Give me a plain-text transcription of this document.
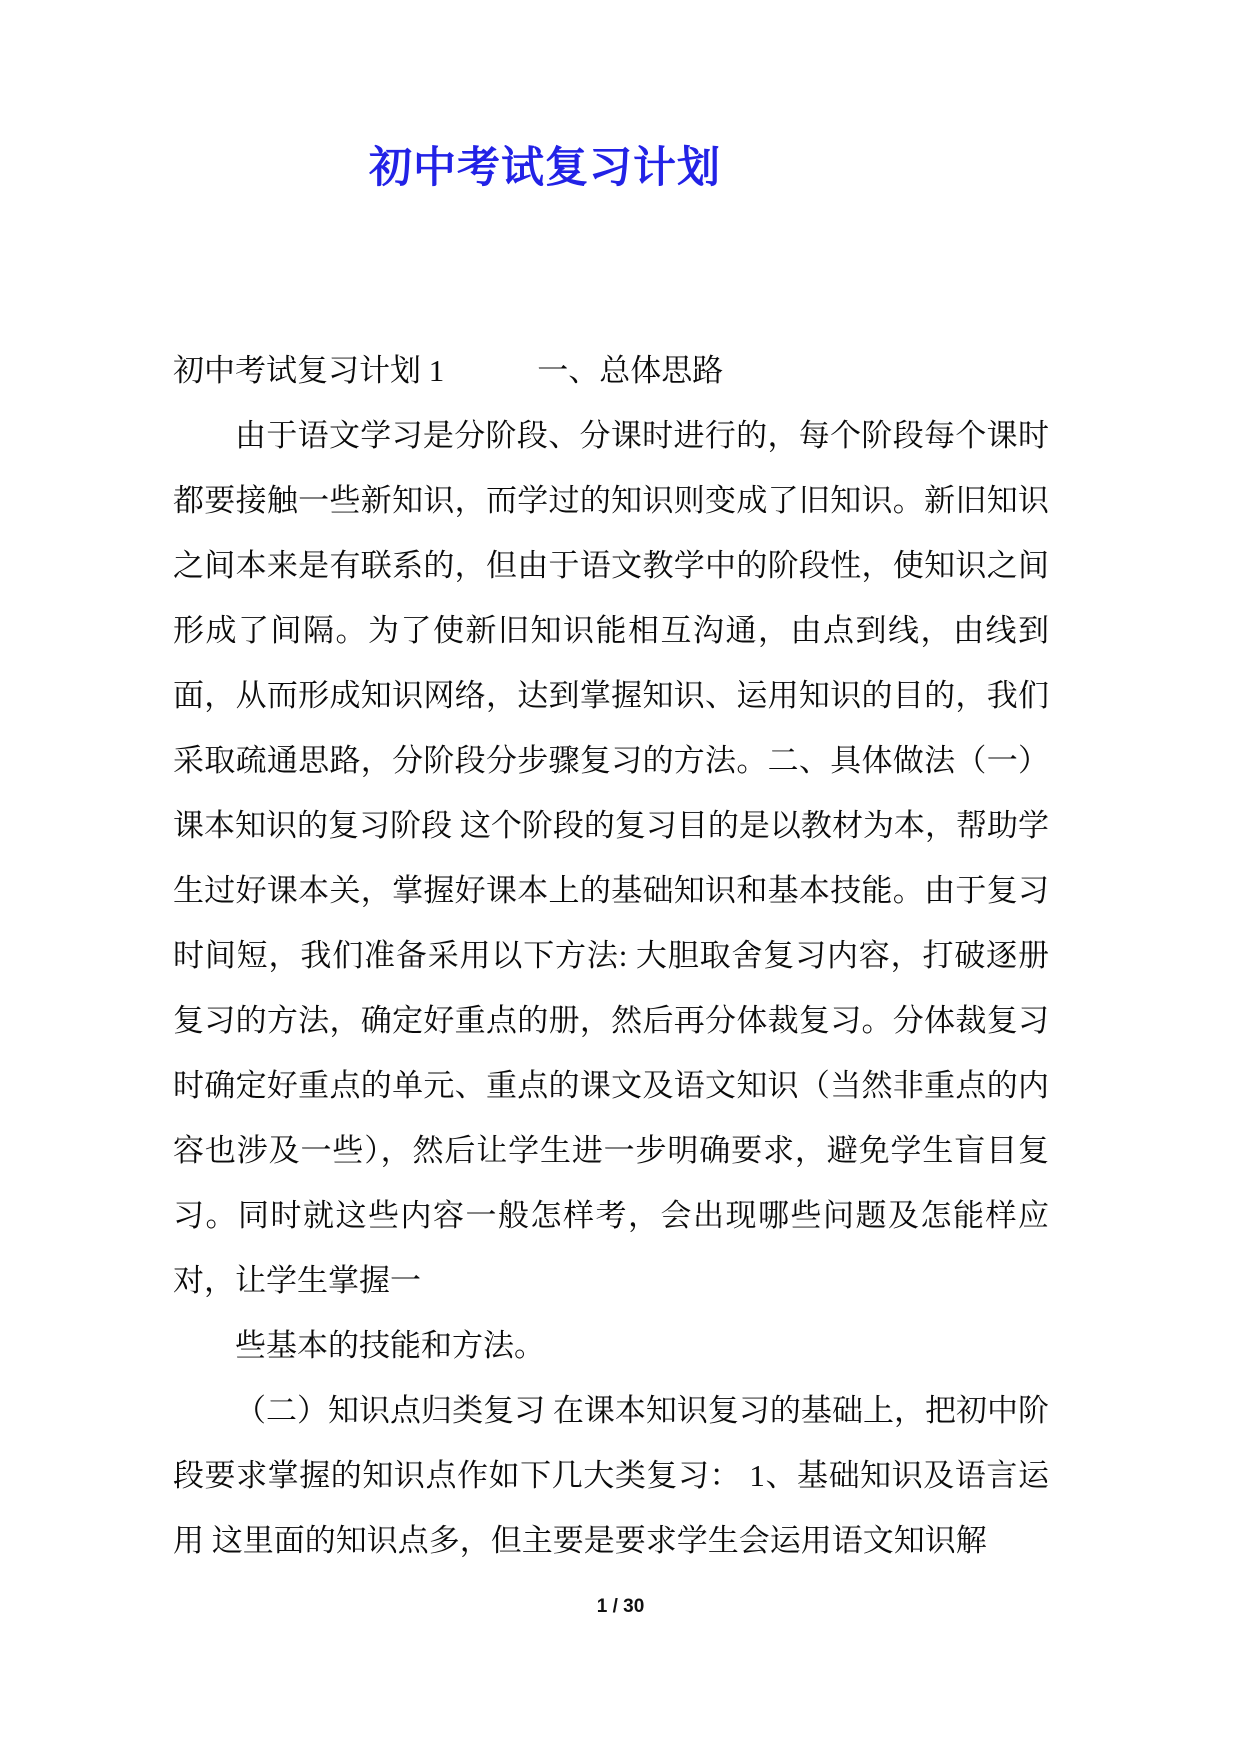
初中考试复习计划

初中考试复习计划 1　　　一、总体思路

由于语文学习是分阶段、分课时进行的，每个阶段每个课时都要接触一些新知识，而学过的知识则变成了旧知识。新旧知识之间本来是有联系的，但由于语文教学中的阶段性，使知识之间形成了间隔。为了使新旧知识能相互沟通，由点到线，由线到面，从而形成知识网络，达到掌握知识、运用知识的目的，我们采取疏通思路，分阶段分步骤复习的方法。二、具体做法（一）课本知识的复习阶段 这个阶段的复习目的是以教材为本，帮助学生过好课本关，掌握好课本上的基础知识和基本技能。由于复习时间短，我们准备采用以下方法: 大胆取舍复习内容，打破逐册复习的方法，确定好重点的册，然后再分体裁复习。分体裁复习时确定好重点的单元、重点的课文及语文知识（当然非重点的内容也涉及一些），然后让学生进一步明确要求，避免学生盲目复习。同时就这些内容一般怎样考，会出现哪些问题及怎能样应对，让学生掌握一

些基本的技能和方法。

（二）知识点归类复习 在课本知识复习的基础上，把初中阶段要求掌握的知识点作如下几大类复习： 1、基础知识及语言运用 这里面的知识点多，但主要是要求学生会运用语文知识解

1 / 30
